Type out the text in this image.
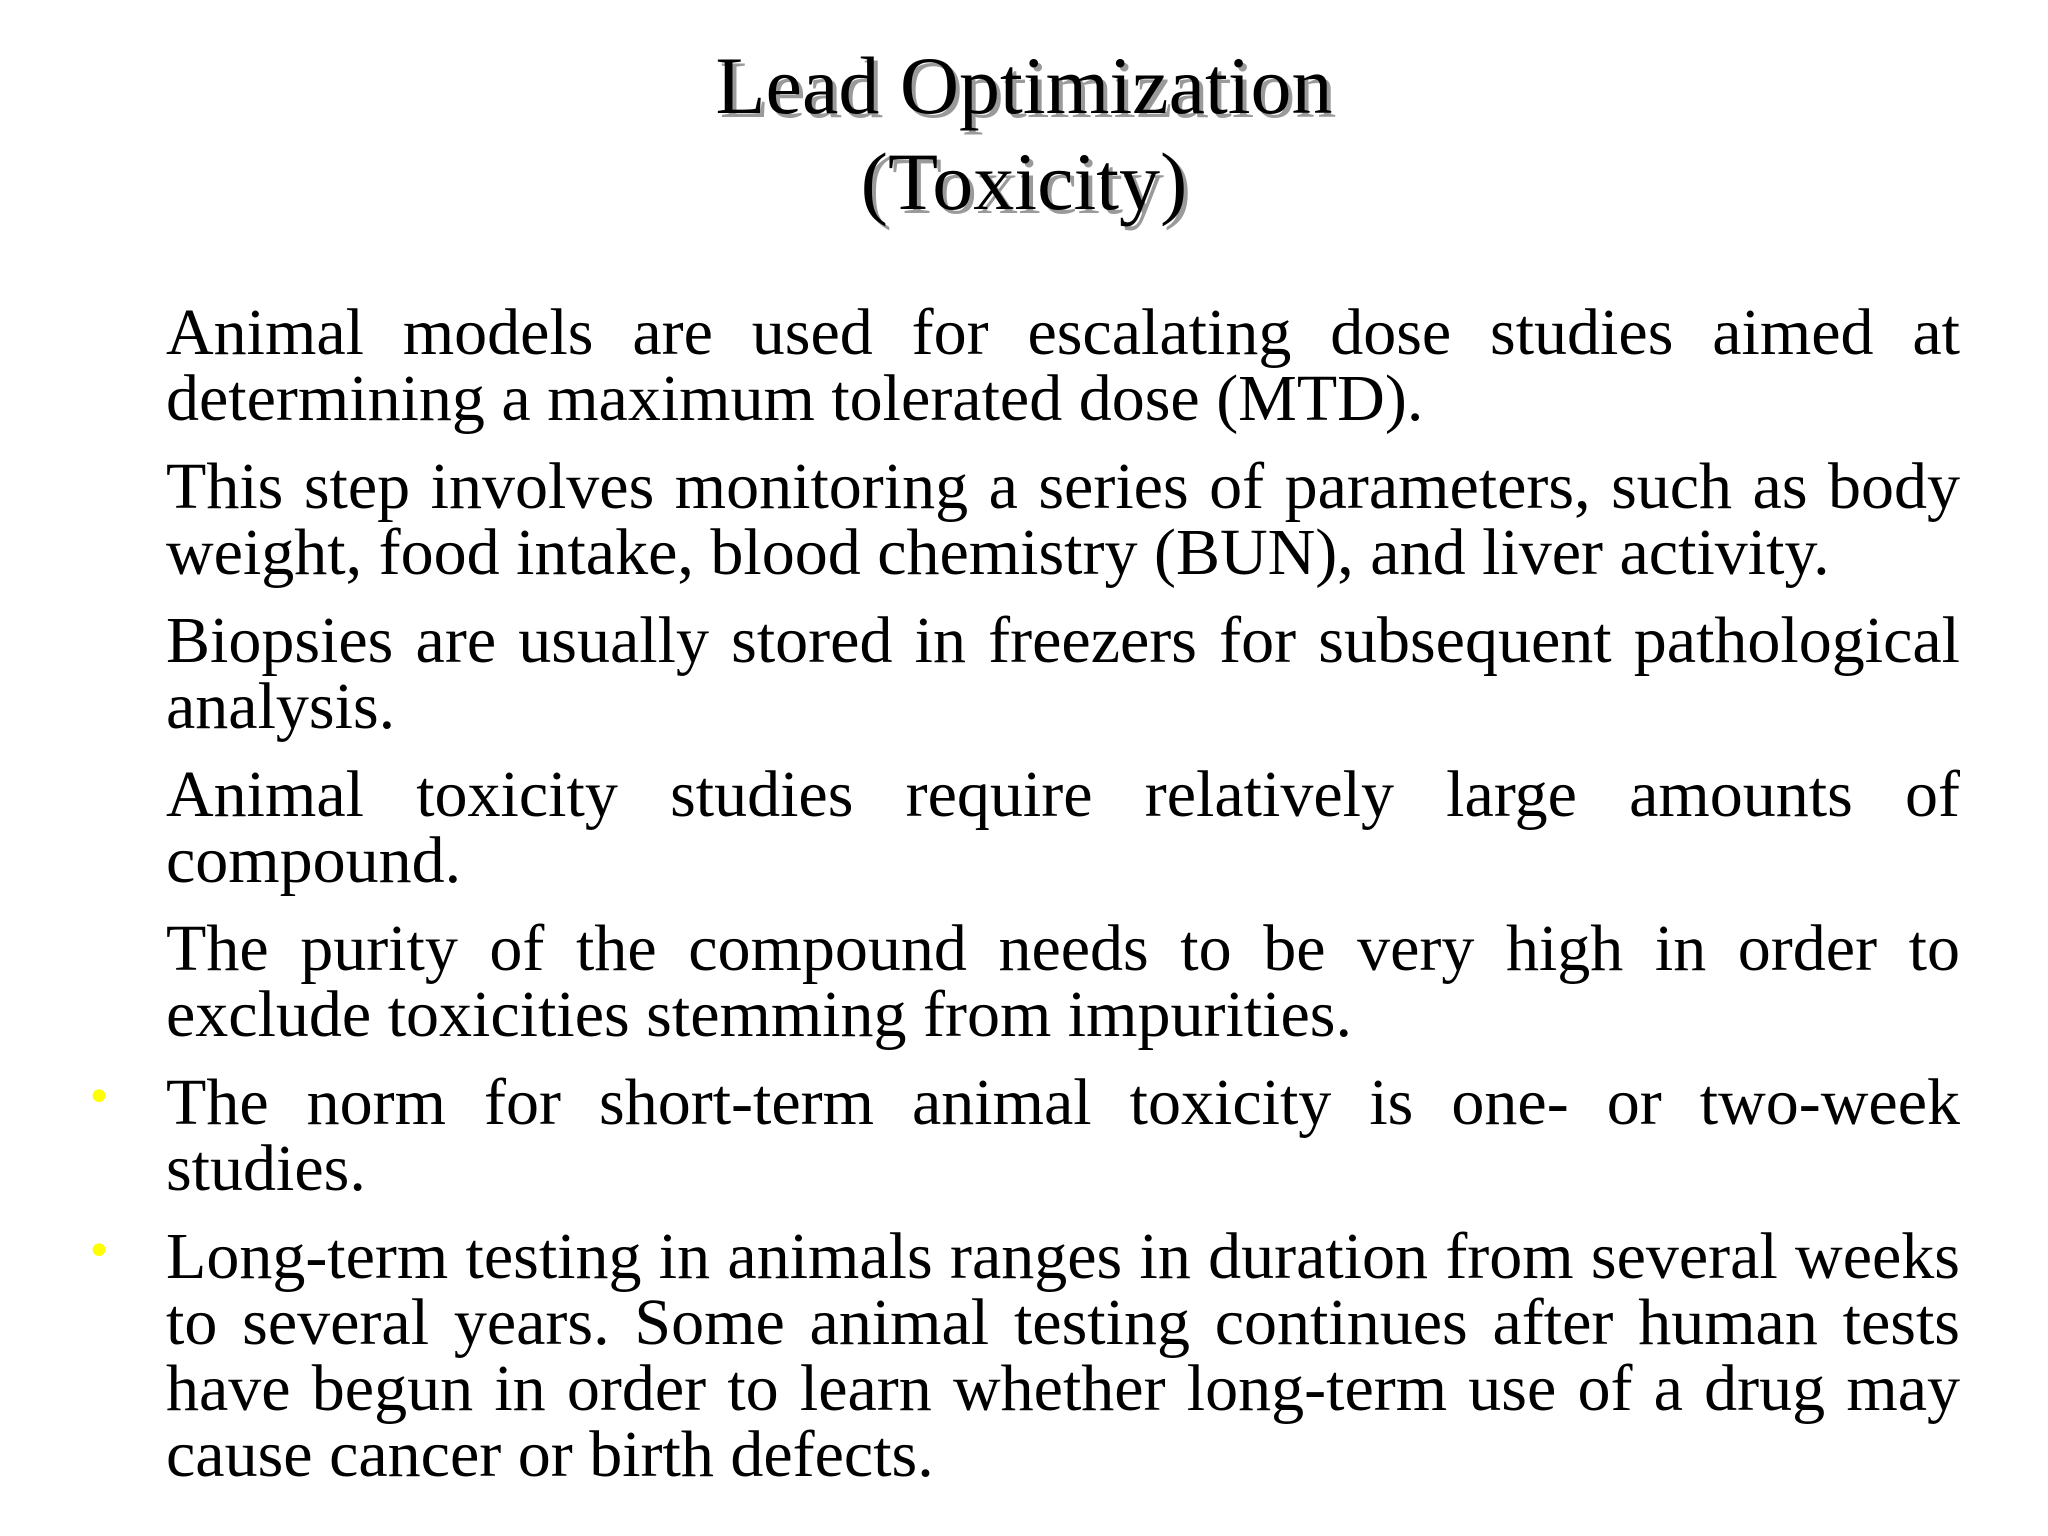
Lead Optimization
(Toxicity)
Animal models are used for escalating dose studies aimed at determining a maximum tolerated dose (MTD).
This step involves monitoring a series of parameters, such as body weight, food intake, blood chemistry (BUN), and liver activity.
Biopsies are usually stored in freezers for subsequent pathological analysis.
Animal toxicity studies require relatively large amounts of compound.
The purity of the compound needs to be very high in order to exclude toxicities stemming from impurities.
• The norm for short-term animal toxicity is one- or two-week studies.
• Long-term testing in animals ranges in duration from several weeks to several years. Some animal testing continues after human tests have begun in order to learn whether long-term use of a drug may cause cancer or birth defects.
